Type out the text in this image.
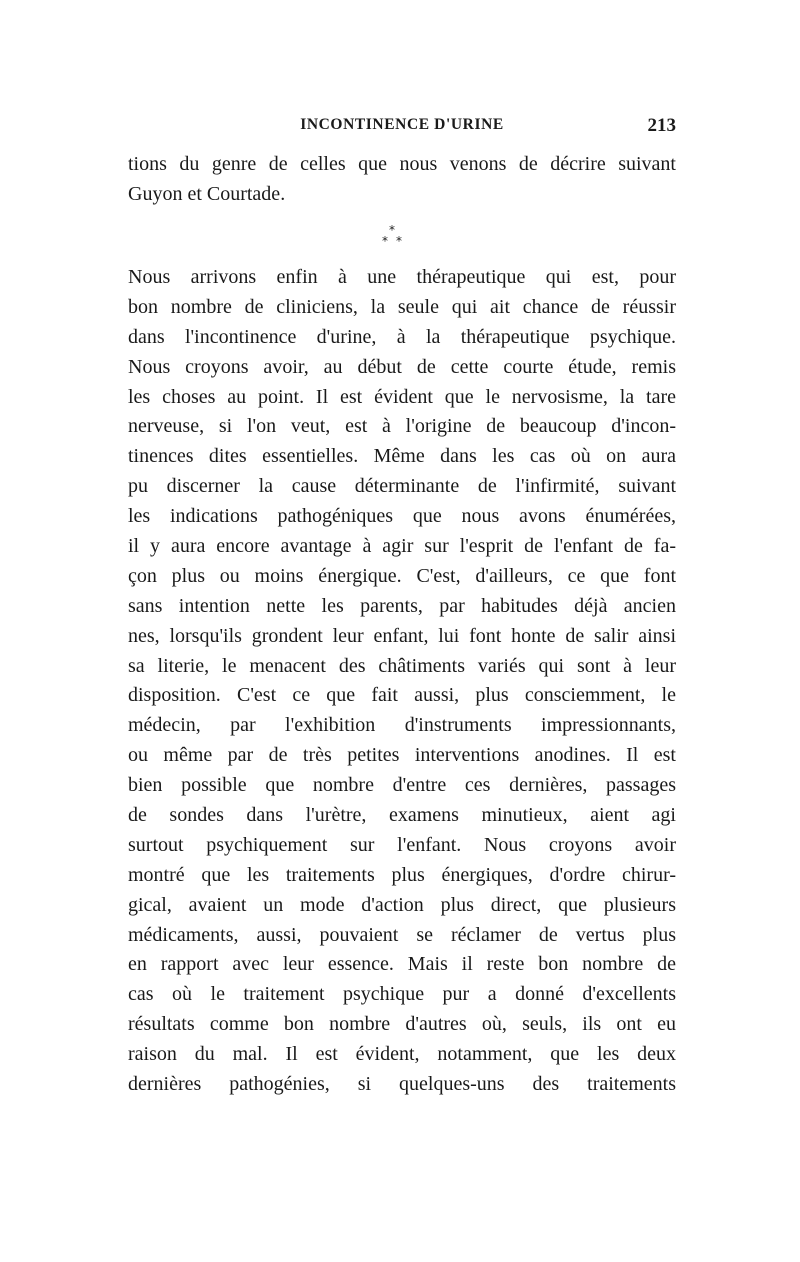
INCONTINENCE D'URINE	213
tions du genre de celles que nous venons de décrire suivant
Guyon et Courtade.
*
* *
Nous arrivons enfin à une thérapeutique qui est, pour
bon nombre de cliniciens, la seule qui ait chance de réussir
dans l'incontinence d'urine, à la thérapeutique psychique.
Nous croyons avoir, au début de cette courte étude, remis
les choses au point. Il est évident que le nervosisme, la tare
nerveuse, si l'on veut, est à l'origine de beaucoup d'incon-
tinences dites essentielles. Même dans les cas où on aura
pu discerner la cause déterminante de l'infirmité, suivant
les indications pathogéniques que nous avons énumérées,
il y aura encore avantage à agir sur l'esprit de l'enfant de fa-
çon plus ou moins énergique. C'est, d'ailleurs, ce que font
sans intention nette les parents, par habitudes déjà ancien
nes, lorsqu'ils grondent leur enfant, lui font honte de salir ainsi
sa literie, le menacent des châtiments variés qui sont à leur
disposition. C'est ce que fait aussi, plus consciemment, le
médecin, par l'exhibition d'instruments impressionnants,
ou même par de très petites interventions anodines. Il est
bien possible que nombre d'entre ces dernières, passages
de sondes dans l'urètre, examens minutieux, aient agi
surtout psychiquement sur l'enfant. Nous croyons avoir
montré que les traitements plus énergiques, d'ordre chirur-
gical, avaient un mode d'action plus direct, que plusieurs
médicaments, aussi, pouvaient se réclamer de vertus plus
en rapport avec leur essence. Mais il reste bon nombre de
cas où le traitement psychique pur a donné d'excellents
résultats comme bon nombre d'autres où, seuls, ils ont eu
raison du mal. Il est évident, notamment, que les deux
dernières pathogénies, si quelques-uns des traitements
